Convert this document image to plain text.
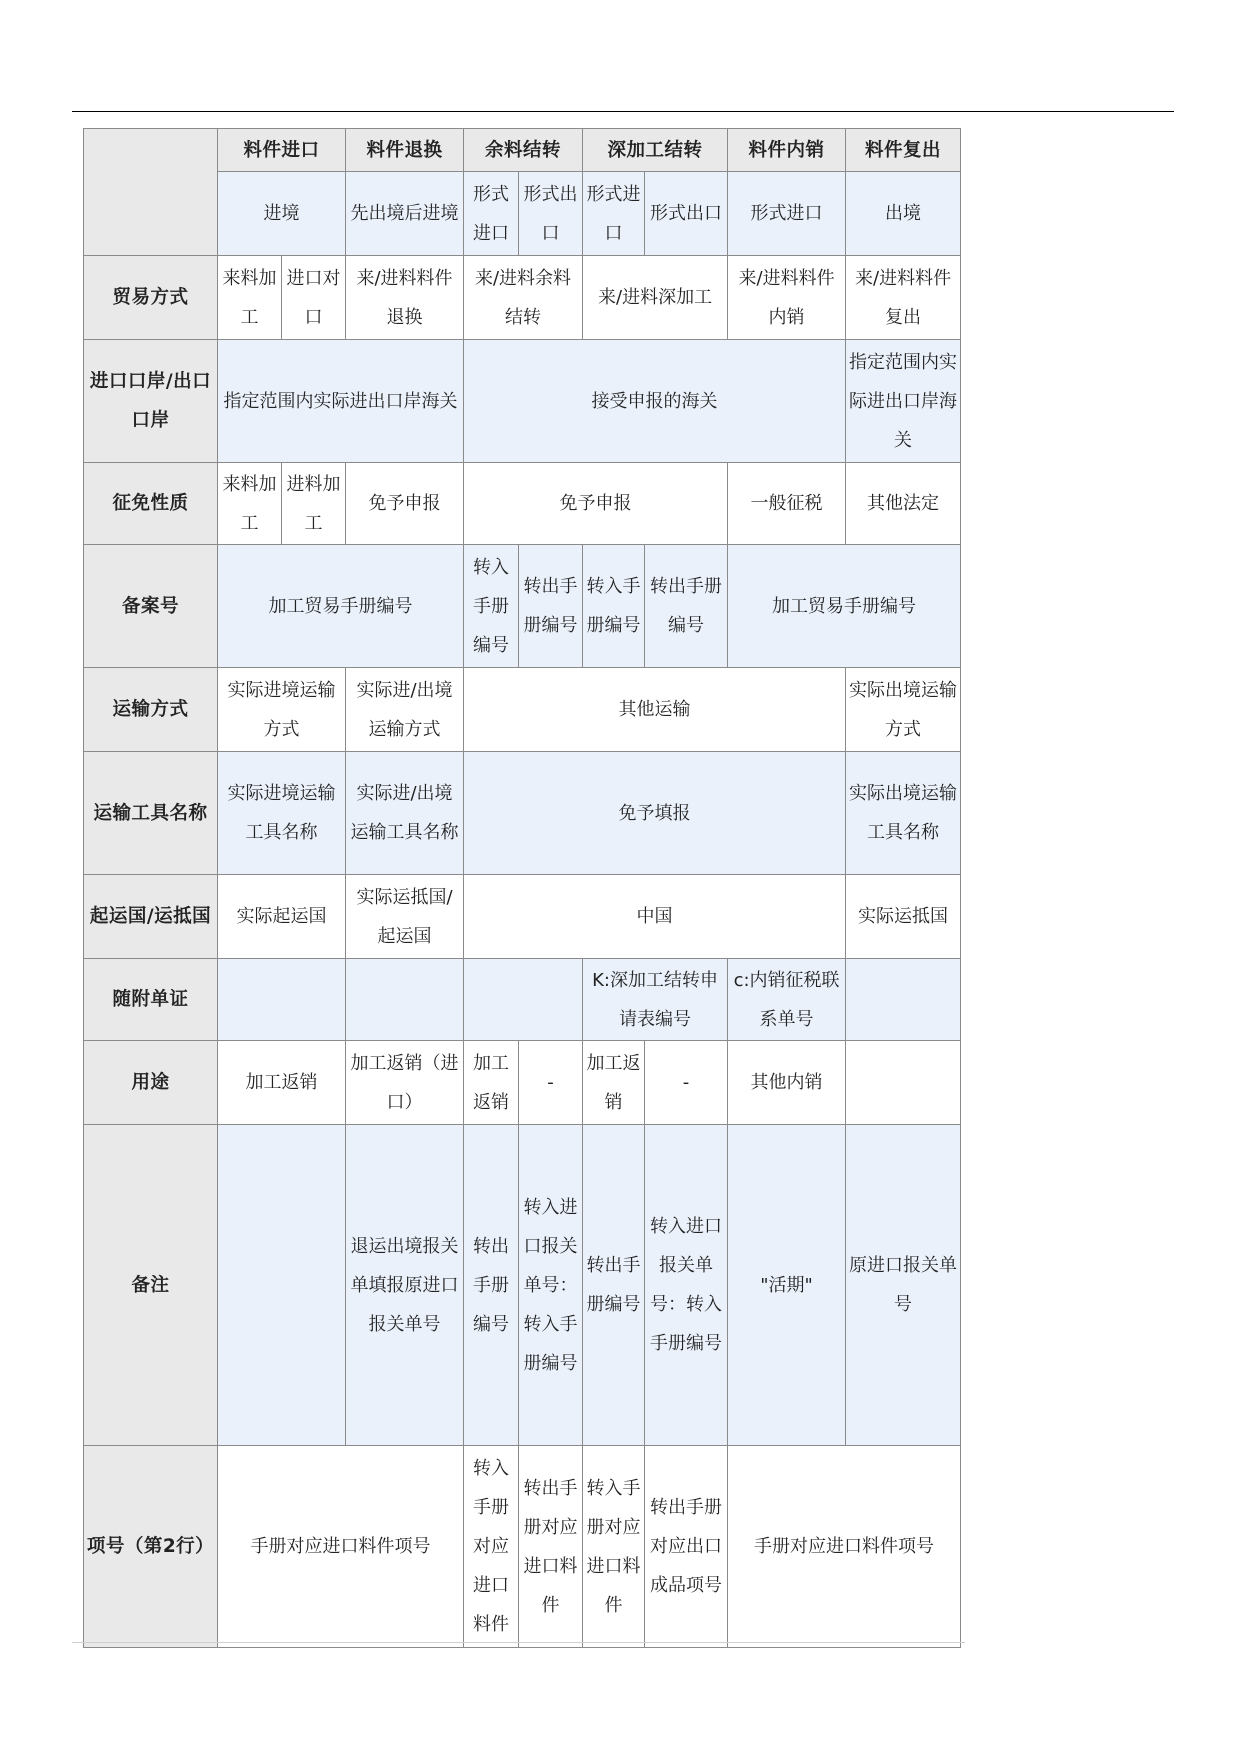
	料件进口		料件退换	余料结转		深加工结转		料件内销	料件复出
	进境		先出境后进境	形式进口	形式出口	形式进口	形式出口	形式进口	出境
贸易方式	来料加工	进口对口	来/进料料件退换	来/进料余料结转		来/进料深加工		来/进料料件内销	来/进料料件复出
进口口岸/出口口岸	指定范围内实际进出口岸海关			接受申报的海关					指定范围内实际进出口岸海关
征免性质	来料加工	进料加工	免予申报	免予申报				一般征税	其他法定
备案号	加工贸易手册编号			转入手册编号	转出手册编号	转入手册编号	转出手册编号	加工贸易手册编号	
运输方式	实际进境运输方式		实际进/出境运输方式	其他运输					实际出境运输方式
运输工具名称	实际进境运输工具名称		实际进/出境运输工具名称	免予填报					实际出境运输工具名称
起运国/运抵国	实际起运国		实际运抵国/起运国	中国					实际运抵国
随附单证						K:深加工结转申请表编号		c:内销征税联系单号	
用途	加工返销		加工返销（进口）	加工返销	-	加工返销	-	其他内销	
备注			退运出境报关单填报原进口报关单号	转出手册编号	转入进口报关单号：转入手册编号	转出手册编号	转入进口报关单号：转入手册编号	"活期"	原进口报关单号
项号（第2行）	手册对应进口料件项号			转入手册对应进口料件	转出手册对应进口料件	转入手册对应进口料件	转出手册对应出口成品项号	手册对应进口料件项号	
